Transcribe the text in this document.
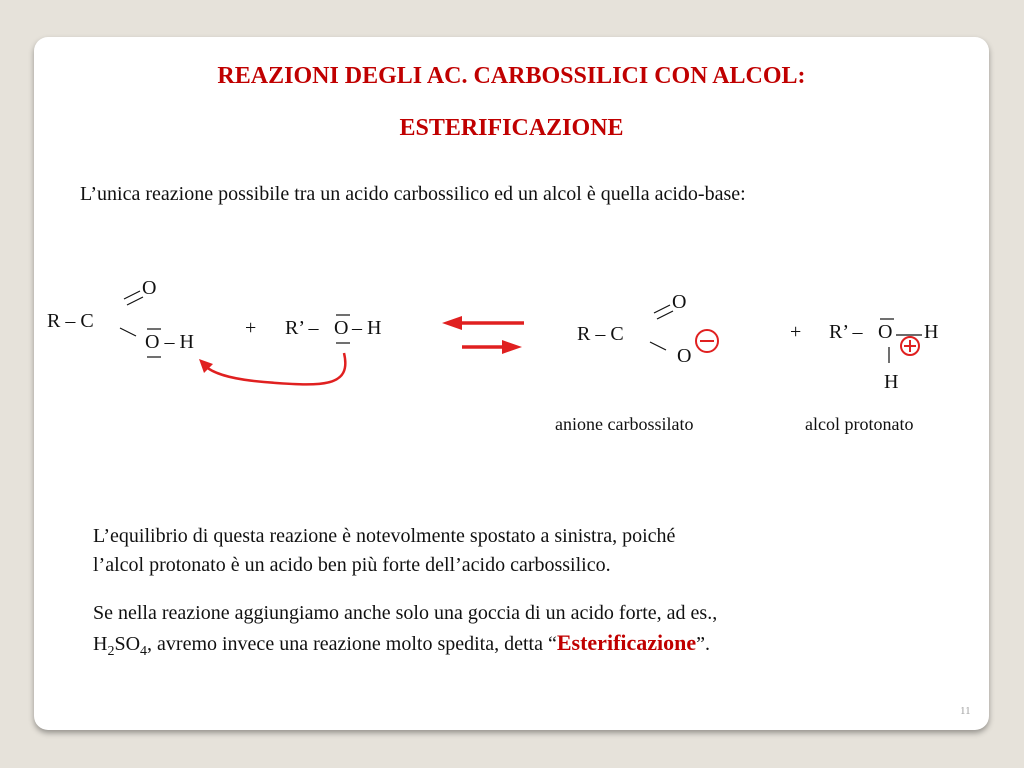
REAZIONI DEGLI AC. CARBOSSILICI CON ALCOL:
ESTERIFICAZIONE
L’unica reazione possibile tra un acido carbossilico ed un alcol è quella acido-base:
R – C
O
O – H
+ R’ – O – H	R – C
O
O
+ R’ – O H
H
anione carbossilato	alcol protonato
L’equilibrio di questa reazione è notevolmente spostato a sinistra, poiché
l’alcol protonato è un acido ben più forte dell’acido carbossilico.
Se nella reazione aggiungiamo anche solo una goccia di un acido forte, ad es.,
$H_2SO_4$, avremo invece una reazione molto spedita, detta “Esterificazione”.
11
